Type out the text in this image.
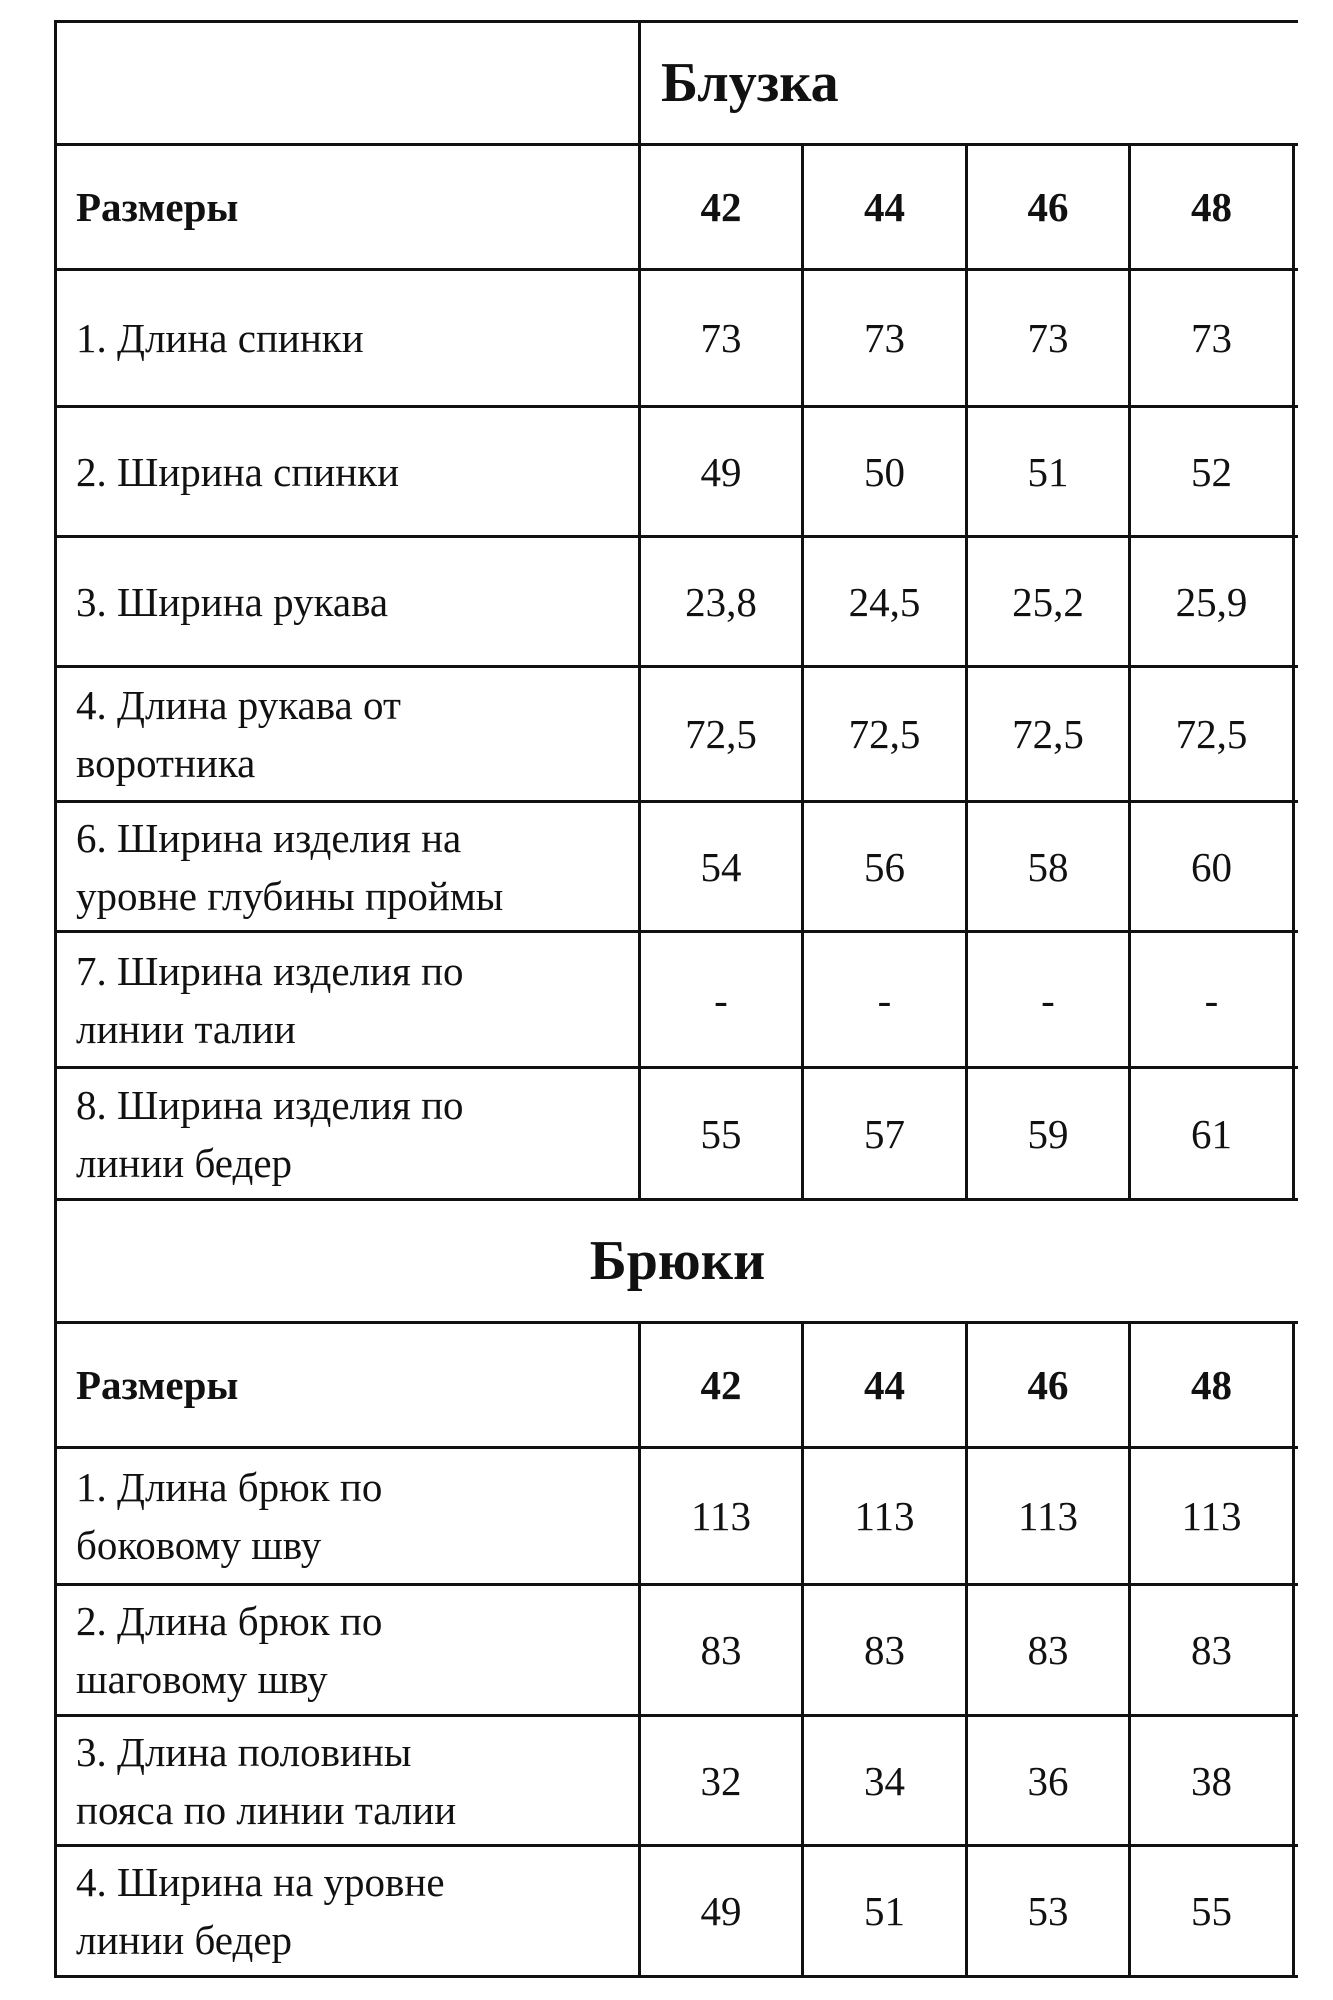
Блузка
Размеры	42	44	46	48
1. Длина спинки	73	73	73	73
2. Ширина спинки	49	50	51	52
3. Ширина рукава	23,8	24,5	25,2	25,9
4. Длина рукава от
воротника
72,5	72,5	72,5	72,5
6. Ширина изделия на
уровне глубины проймы
54	56	58	60
7. Ширина изделия по
линии талии
-	-	-	-
8. Ширина изделия по
линии бедер
55	57	59	61
Брюки
Размеры	42	44	46	48
1. Длина брюк по
боковому шву
113	113	113	113
2. Длина брюк по
шаговому шву
83	83	83	83
3. Длина половины
пояса по линии талии
32	34	36	38
4. Ширина на уровне
линии бедер
49	51	53	55
